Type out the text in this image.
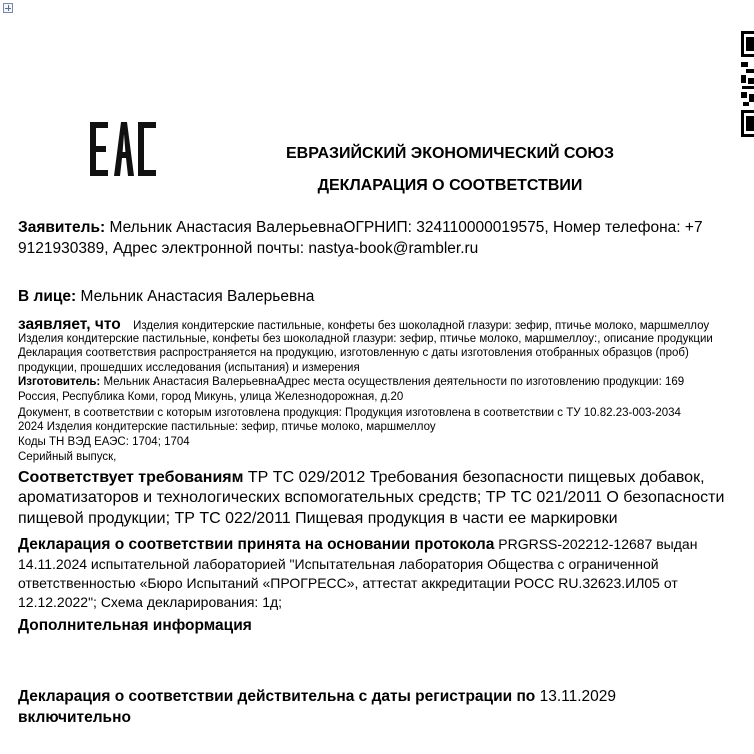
ЕВРАЗИЙСКИЙ ЭКОНОМИЧЕСКИЙ СОЮЗ
ДЕКЛАРАЦИЯ О СООТВЕТСТВИИ
Заявитель: Мельник Анастасия ВалерьевнаОГРНИП: 324110000019575, Номер телефона: +7
9121930389, Адрес электронной почты: nastya-book@rambler.ru
В лице: Мельник Анастасия Валерьевна
заявляет, что Изделия кондитерские пастильные, конфеты без шоколадной глазури: зефир, птичье молоко, маршмеллоу
Изделия кондитерские пастильные, конфеты без шоколадной глазури: зефир, птичье молоко, маршмеллоу:, описание продукции
Декларация соответствия распространяется на продукцию, изготовленную с даты изготовления отобранных образцов (проб)
продукции, прошедших исследования (испытания) и измерения
Изготовитель: Мельник Анастасия ВалерьевнаАдрес места осуществления деятельности по изготовлению продукции: 169
Россия, Республика Коми, город Микунь, улица Железнодорожная, д.20
Документ, в соответствии с которым изготовлена продукция: Продукция изготовлена в соответствии с ТУ 10.82.23-003-2034
2024 Изделия кондитерские пастильные: зефир, птичье молоко, маршмеллоу
Коды ТН ВЭД ЕАЭС: 1704; 1704
Серийный выпуск,
Соответствует требованиям ТР ТС 029/2012 Требования безопасности пищевых добавок,
ароматизаторов и технологических вспомогательных средств; ТР ТС 021/2011 О безопасности
пищевой продукции; ТР ТС 022/2011 Пищевая продукция в части ее маркировки
Декларация о соответствии принята на основании протокола PRGRSS-202212-12687 выдан
14.11.2024 испытательной лабораторией "Испытательная лаборатория Общества с ограниченной
ответственностью «Бюро Испытаний «ПРОГРЕСС», аттестат аккредитации РОСС RU.32623.ИЛ05 от
12.12.2022"; Схема декларирования: 1д;
Дополнительная информация
Декларация о соответствии действительна с даты регистрации по 13.11.2029
включительно
